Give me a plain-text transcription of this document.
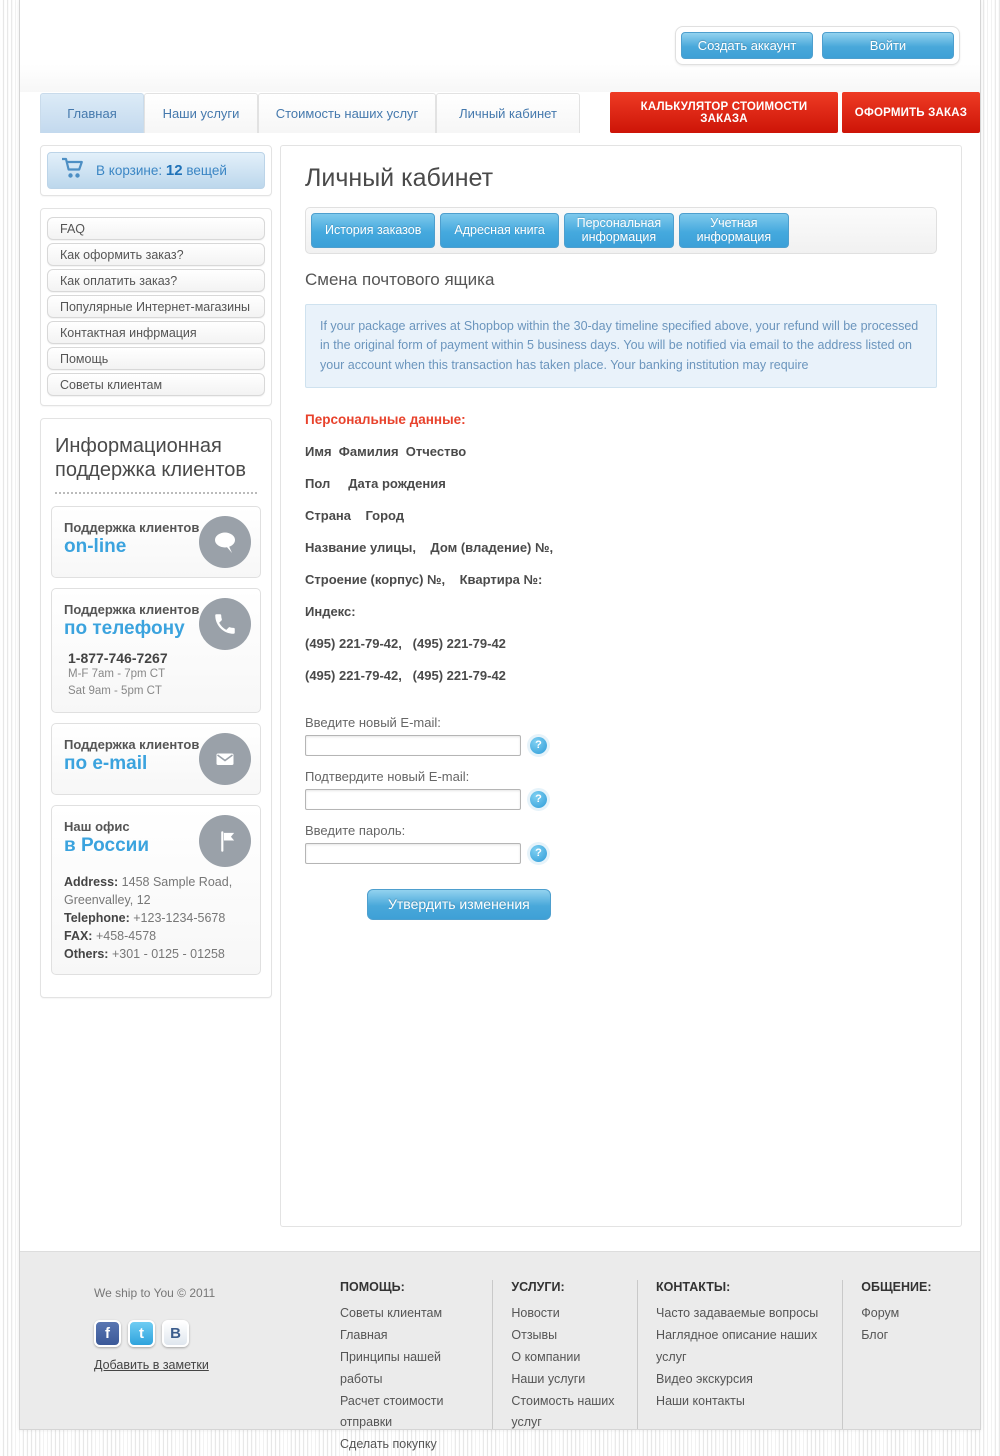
Создать аккаунт	Войти
Главная	Наши услуги	Стоимость наших услуг	Личный кабинет	КАЛЬКУЛЯТОР СТОИМОСТИ ЗАКАЗА	ОФОРМИТЬ ЗАКАЗ
В корзине: 12 вещей
FAQ
Как оформить заказ?
Как оплатить заказ?
Популярные Интернет-магазины
Контактная инфрмация
Помощь
Советы клиентам
Информационная поддержка клиентов
Поддержка клиентов
on-line
Поддержка клиентов
по телефону
1-877-746-7267
M-F 7am - 7pm CT
Sat 9am - 5pm CT
Поддержка клиентов
по e-mail
Наш офис
в России
Address: 1458 Sample Road, Greenvalley, 12
Telephone: +123-1234-5678
FAX: +458-4578
Others: +301 - 0125 - 01258
Личный кабинет
История заказов	Адресная книга
Персональная информация
Учетная информация
Смена почтового ящика
If your package arrives at Shopbop within the 30-day timeline specified above, your refund will be processed in the original form of payment within 5 business days. You will be notified via email to the address listed on your account when this transaction has taken place. Your banking institution may require
Персональные данные:
Имя  Фамилия  Отчество
Пол     Дата рождения
Страна    Город
Название улицы,    Дом (владение) №,
Строение (корпус) №,    Квартира №:
Индекс:
(495) 221-79-42,   (495) 221-79-42
(495) 221-79-42,   (495) 221-79-42
Введите новый E-mail:
?
Подтвердите новый E-mail:
?
Введите пароль:
?
Утвердить изменения
We ship to You © 2011
f	t	B
Добавить в заметки
ПОМОЩЬ:
Советы клиентам
Главная
Принципы нашей работы
Расчет стоимости отправки
Сделать покупку
УСЛУГИ:
Новости
Отзывы
О компании
Наши услуги
Стоимость наших услуг
КОНТАКТЫ:
Часто задаваемые вопросы
Наглядное описание наших услуг
Видео экскурсия
Наши контакты
ОБЩЕНИЕ:
Форум
Блог
